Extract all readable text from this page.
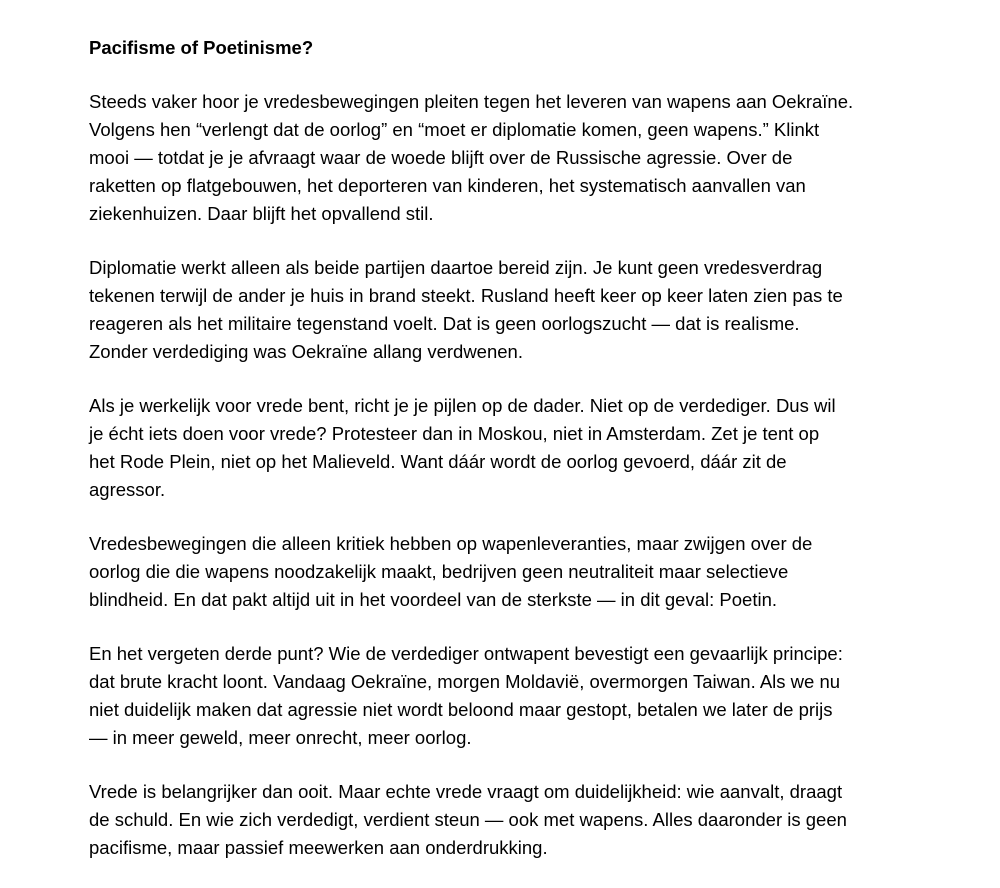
Pacifisme of Poetinisme?
Steeds vaker hoor je vredesbewegingen pleiten tegen het leveren van wapens aan Oekraïne.
Volgens hen “verlengt dat de oorlog” en “moet er diplomatie komen, geen wapens.” Klinkt
mooi — totdat je je afvraagt waar de woede blijft over de Russische agressie. Over de
raketten op flatgebouwen, het deporteren van kinderen, het systematisch aanvallen van
ziekenhuizen. Daar blijft het opvallend stil.
Diplomatie werkt alleen als beide partijen daartoe bereid zijn. Je kunt geen vredesverdrag
tekenen terwijl de ander je huis in brand steekt. Rusland heeft keer op keer laten zien pas te
reageren als het militaire tegenstand voelt. Dat is geen oorlogszucht — dat is realisme.
Zonder verdediging was Oekraïne allang verdwenen.
Als je werkelijk voor vrede bent, richt je je pijlen op de dader. Niet op de verdediger. Dus wil
je écht iets doen voor vrede? Protesteer dan in Moskou, niet in Amsterdam. Zet je tent op
het Rode Plein, niet op het Malieveld. Want dáár wordt de oorlog gevoerd, dáár zit de
agressor.
Vredesbewegingen die alleen kritiek hebben op wapenleveranties, maar zwijgen over de
oorlog die die wapens noodzakelijk maakt, bedrijven geen neutraliteit maar selectieve
blindheid. En dat pakt altijd uit in het voordeel van de sterkste — in dit geval: Poetin.
En het vergeten derde punt? Wie de verdediger ontwapent bevestigt een gevaarlijk principe:
dat brute kracht loont. Vandaag Oekraïne, morgen Moldavië, overmorgen Taiwan. Als we nu
niet duidelijk maken dat agressie niet wordt beloond maar gestopt, betalen we later de prijs
— in meer geweld, meer onrecht, meer oorlog.
Vrede is belangrijker dan ooit. Maar echte vrede vraagt om duidelijkheid: wie aanvalt, draagt
de schuld. En wie zich verdedigt, verdient steun — ook met wapens. Alles daaronder is geen
pacifisme, maar passief meewerken aan onderdrukking.
